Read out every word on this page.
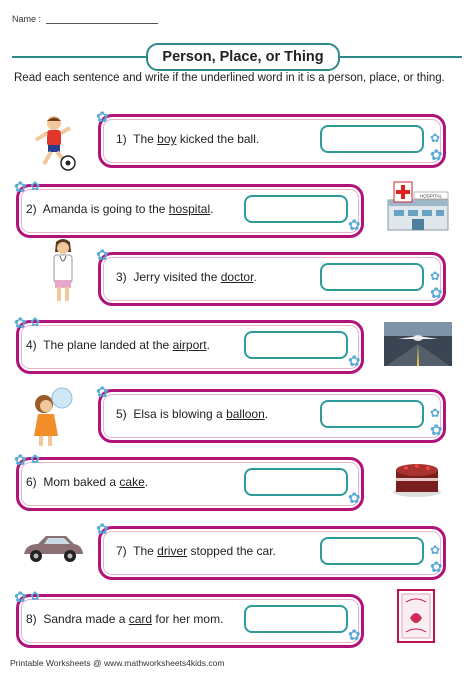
Name :
Person, Place, or Thing
Read each sentence and write if the underlined word in it is a person, place, or thing.
1) The boy kicked the ball.
✿
✿
✿
2) Amanda is going to the hospital.
✿
✿
✿
HOSPITAL
3) Jerry visited the doctor.
✿
✿
✿
4) The plane landed at the airport.
✿
✿
✿
5) Elsa is blowing a balloon.
✿
✿
✿
6) Mom baked a cake.
✿
✿
✿
7) The driver stopped the car.
✿
✿
✿
8) Sandra made a card for her mom.
✿
✿
✿
Printable Worksheets @ www.mathworksheets4kids.com
